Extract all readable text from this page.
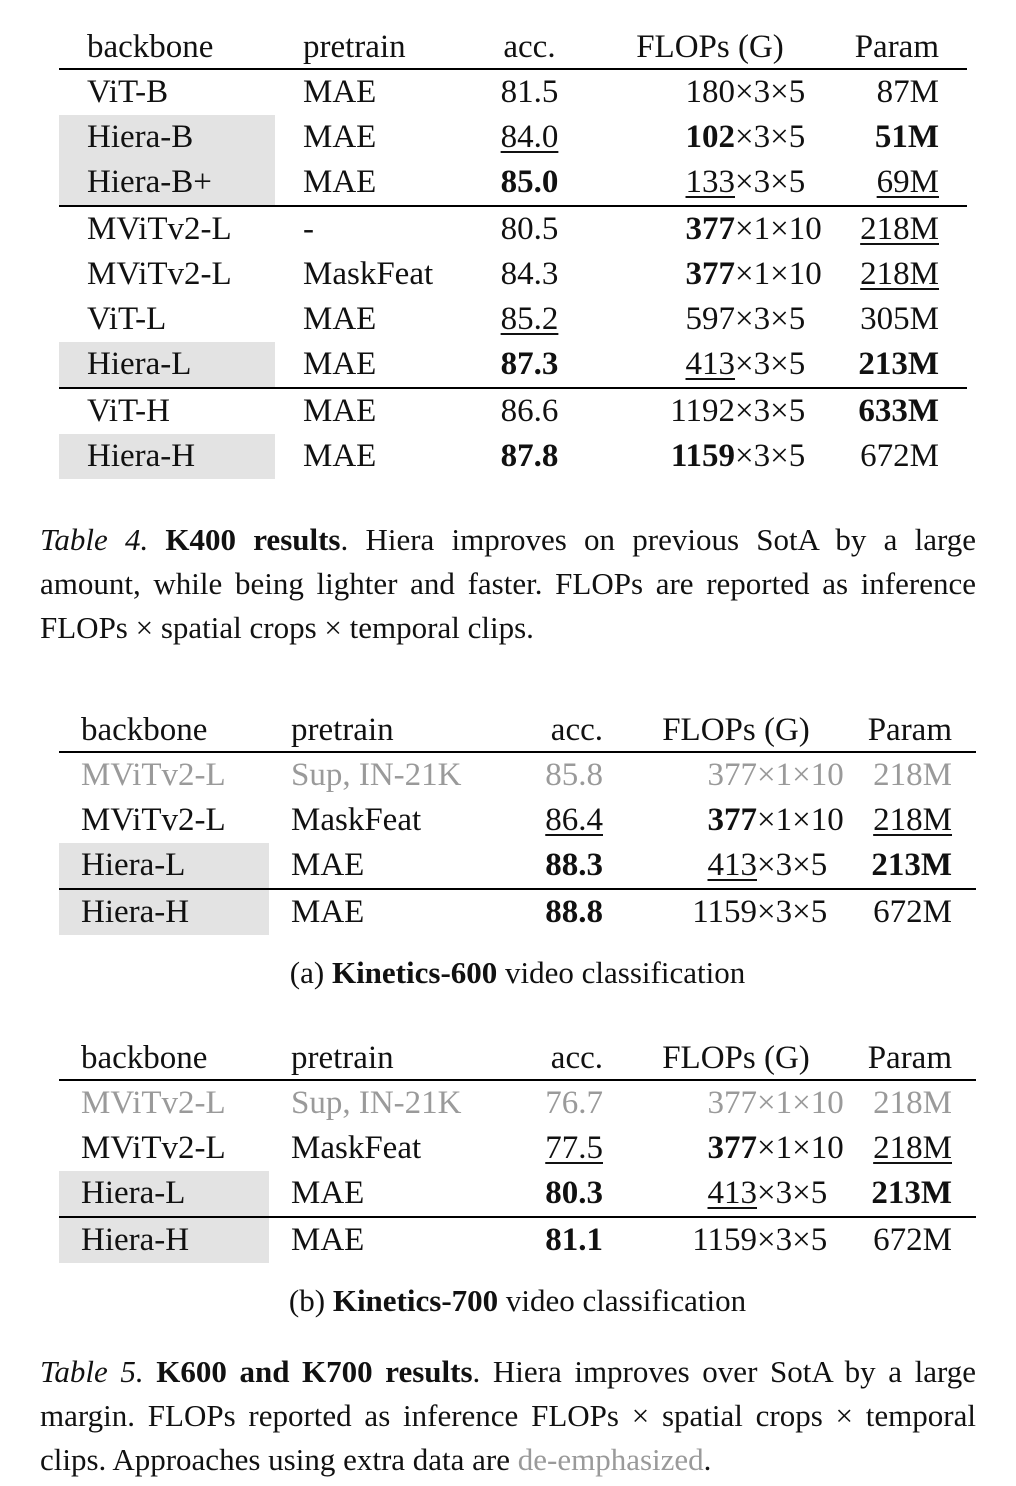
backbone	pretrain	acc.	FLOPs (G)		Param
ViT-B	MAE	81.5	180	×3×5	87M
Hiera-B	MAE	84.0	102	×3×5	51M
Hiera-B+	MAE	85.0	133	×3×5	69M
MViTv2-L	-	80.5	377	×1×10	218M
MViTv2-L	MaskFeat	84.3	377	×1×10	218M
ViT-L	MAE	85.2	597	×3×5	305M
Hiera-L	MAE	87.3	413	×3×5	213M
ViT-H	MAE	86.6	1192	×3×5	633M
Hiera-H	MAE	87.8	1159	×3×5	672M
Table 4. K400 results. Hiera improves on previous SotA by a large amount, while being lighter and faster. FLOPs are reported as inference FLOPs × spatial crops × temporal clips.
backbone	pretrain	acc.	FLOPs (G)		Param
MViTv2-L	Sup, IN-21K	85.8	377	×1×10	218M
MViTv2-L	MaskFeat	86.4	377	×1×10	218M
Hiera-L	MAE	88.3	413	×3×5	213M
Hiera-H	MAE	88.8	1159	×3×5	672M
(a) Kinetics-600 video classification
backbone	pretrain	acc.	FLOPs (G)		Param
MViTv2-L	Sup, IN-21K	76.7	377	×1×10	218M
MViTv2-L	MaskFeat	77.5	377	×1×10	218M
Hiera-L	MAE	80.3	413	×3×5	213M
Hiera-H	MAE	81.1	1159	×3×5	672M
(b) Kinetics-700 video classification
Table 5. K600 and K700 results. Hiera improves over SotA by a large margin. FLOPs reported as inference FLOPs × spatial crops × temporal clips. Approaches using extra data are de-emphasized.
